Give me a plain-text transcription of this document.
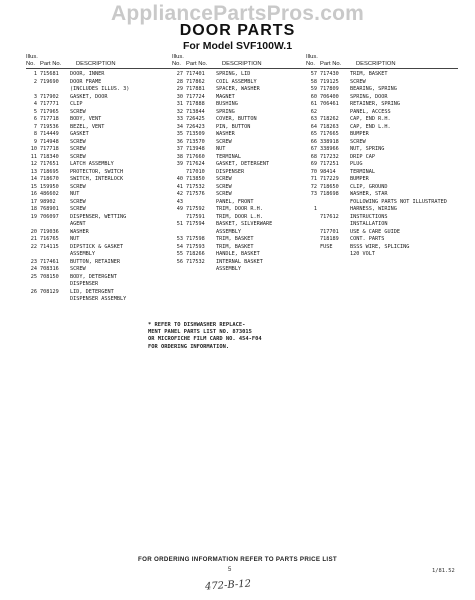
AppliancePartsPros.com
DOOR PARTS
For Model SVF100W.1
Illus. No. Part No.	DESCRIPTION
1 715681	DOOR, INNER
2 719690	DOOR FRAME
(INCLUDES ILLUS. 3)
3 717902	GASKET, DOOR
4 717771	CLIP
5 717965	SCREW
6 717718	BODY, VENT
7 719536	BEZEL, VENT
8 714449	GASKET
9 714948	SCREW
10 717718	SCREW
11 718340	SCREW
12 717651	LATCH ASSEMBLY
13 718695	PROTECTOR, SWITCH
14 718670	SWITCH, INTERLOCK
15 159950	SCREW
16 486602	NUT
17 98902	SCREW
18 768901	SCREW
19 706097	DISPENSER, WETTING
AGENT
20 719036	WASHER
21 716765	NUT
22 714115	DIPSTICK & GASKET
ASSEMBLY
23 717461	BUTTON, RETAINER
24 708316	SCREW
25 708150	BODY, DETERGENT
DISPENSER
26 708129	LID, DETERGENT
DISPENSER ASSEMBLY
Illus. No. Part No.	DESCRIPTION
27 717401	SPRING, LID
28 717862	COIL ASSEMBLY
29 717881	SPACER, WASHER
30 717724	MAGNET
31 717888	BUSHING
32 713844	SPRING
33 726425	COVER, BUTTON
34 726423	PIN, BUTTON
35 713509	WASHER
36 713570	SCREW
37 713948	NUT
38 717660	TERMINAL
39 717624	GASKET, DETERGENT
717010	DISPENSER
40 713850	SCREW
41 717532	SCREW
42 717576	SCREW
43	PANEL, FRONT
49 717592	TRIM, DOOR R.H.
717591	TRIM, DOOR L.H.
51 717594	BASKET, SILVERWARE
ASSEMBLY
53 717598	TRIM, BASKET
54 717593	TRIM, BASKET
55 718266	HANDLE, BASKET
56 717532	INTERNAL BASKET
ASSEMBLY
Illus. No. Part No.	DESCRIPTION
57 717430	TRIM, BASKET
58 719125	SCREW
59 717809	BEARING, SPRING
60 706400	SPRING, DOOR
61 706461	RETAINER, SPRING
62	PANEL, ACCESS
63 718262	CAP, END R.H.
64 718263	CAP, END L.H.
65 717665	BUMPER
66 338918	SCREW
67 338966	NUT, SPRING
68 717232	DRIP CAP
69 717251	PLUG
70 98414	TERMINAL
71 717229	BUMPER
72 718650	CLIP, GROUND
73 718698	WASHER, STAR
FOLLOWING PARTS NOT ILLUSTRATED
1	HARNESS, WIRING
717612	INSTRUCTIONS
INSTALLATION
717701	USE & CARE GUIDE
718189	CONT. PARTS
FUSE	BSSS WIRE, SPLICING
120 VOLT
* REFER TO DISHWASHER REPLACE-
MENT PANEL PARTS LIST NO. 873015
OR MICROFICHE FILM CARD NO. 454-F04
FOR ORDERING INFORMATION.
FOR ORDERING INFORMATION REFER TO PARTS PRICE LIST
5	1/81.52
472-B-12
